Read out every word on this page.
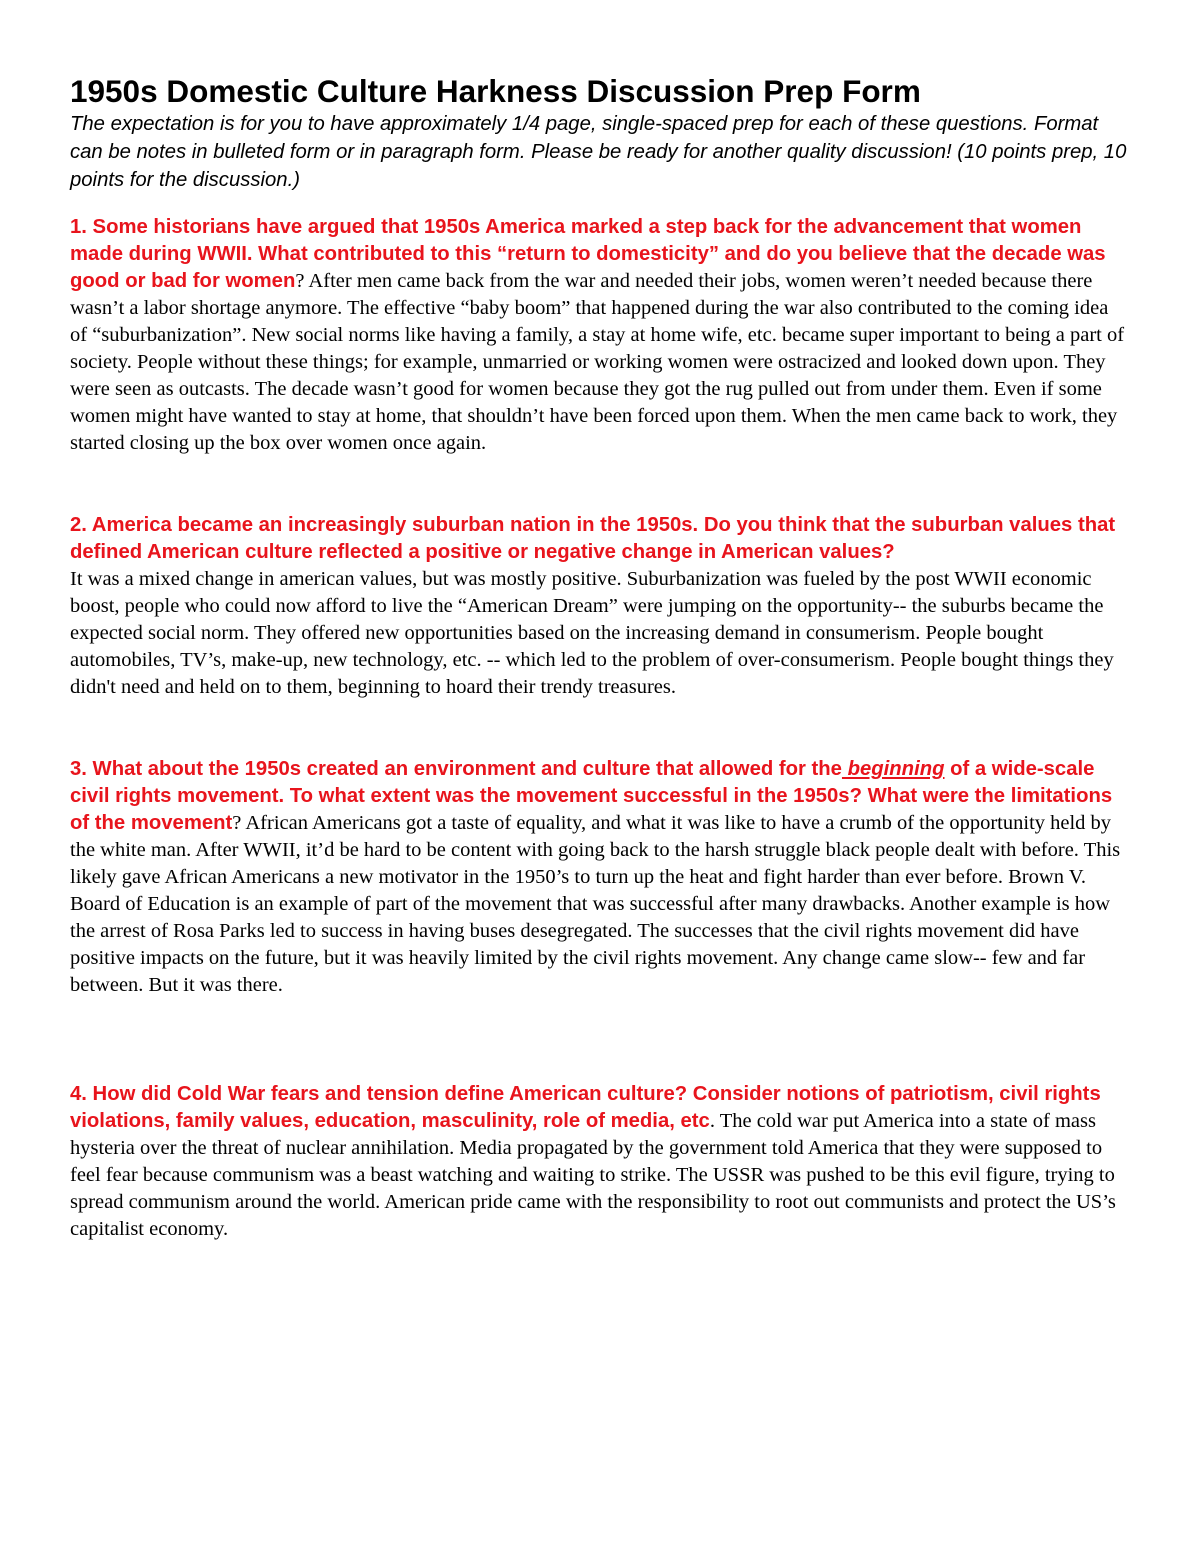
1950s Domestic Culture Harkness Discussion Prep Form

The expectation is for you to have approximately 1/4 page, single-spaced prep for each of these questions. Format can be notes in bulleted form or in paragraph form. Please be ready for another quality discussion! (10 points prep, 10 points for the discussion.)

1. Some historians have argued that 1950s America marked a step back for the advancement that women made during WWII. What contributed to this “return to domesticity” and do you believe that the decade was good or bad for women? After men came back from the war and needed their jobs, women weren’t needed because there wasn’t a labor shortage anymore. The effective “baby boom” that happened during the war also contributed to the coming idea of “suburbanization”. New social norms like having a family, a stay at home wife, etc. became super important to being a part of society. People without these things; for example, unmarried or working women were ostracized and looked down upon. They were seen as outcasts. The decade wasn’t good for women because they got the rug pulled out from under them. Even if some women might have wanted to stay at home, that shouldn’t have been forced upon them. When the men came back to work, they started closing up the box over women once again.

2. America became an increasingly suburban nation in the 1950s. Do you think that the suburban values that defined American culture reflected a positive or negative change in American values?
It was a mixed change in american values, but was mostly positive. Suburbanization was fueled by the post WWII economic boost, people who could now afford to live the “American Dream” were jumping on the opportunity-- the suburbs became the expected social norm. They offered new opportunities based on the increasing demand in consumerism. People bought automobiles, TV’s, make-up, new technology, etc. -- which led to the problem of over-consumerism. People bought things they didn't need and held on to them, beginning to hoard their trendy treasures.

3. What about the 1950s created an environment and culture that allowed for the beginning of a wide-scale civil rights movement. To what extent was the movement successful in the 1950s? What were the limitations of the movement? African Americans got a taste of equality, and what it was like to have a crumb of the opportunity held by the white man. After WWII, it’d be hard to be content with going back to the harsh struggle black people dealt with before. This likely gave African Americans a new motivator in the 1950’s to turn up the heat and fight harder than ever before. Brown V. Board of Education is an example of part of the movement that was successful after many drawbacks. Another example is how the arrest of Rosa Parks led to success in having buses desegregated. The successes that the civil rights movement did have positive impacts on the future, but it was heavily limited by the civil rights movement. Any change came slow-- few and far between. But it was there.

4. How did Cold War fears and tension define American culture? Consider notions of patriotism, civil rights violations, family values, education, masculinity, role of media, etc. The cold war put America into a state of mass hysteria over the threat of nuclear annihilation. Media propagated by the government told America that they were supposed to feel fear because communism was a beast watching and waiting to strike. The USSR was pushed to be this evil figure, trying to spread communism around the world. American pride came with the responsibility to root out communists and protect the US’s capitalist economy.
